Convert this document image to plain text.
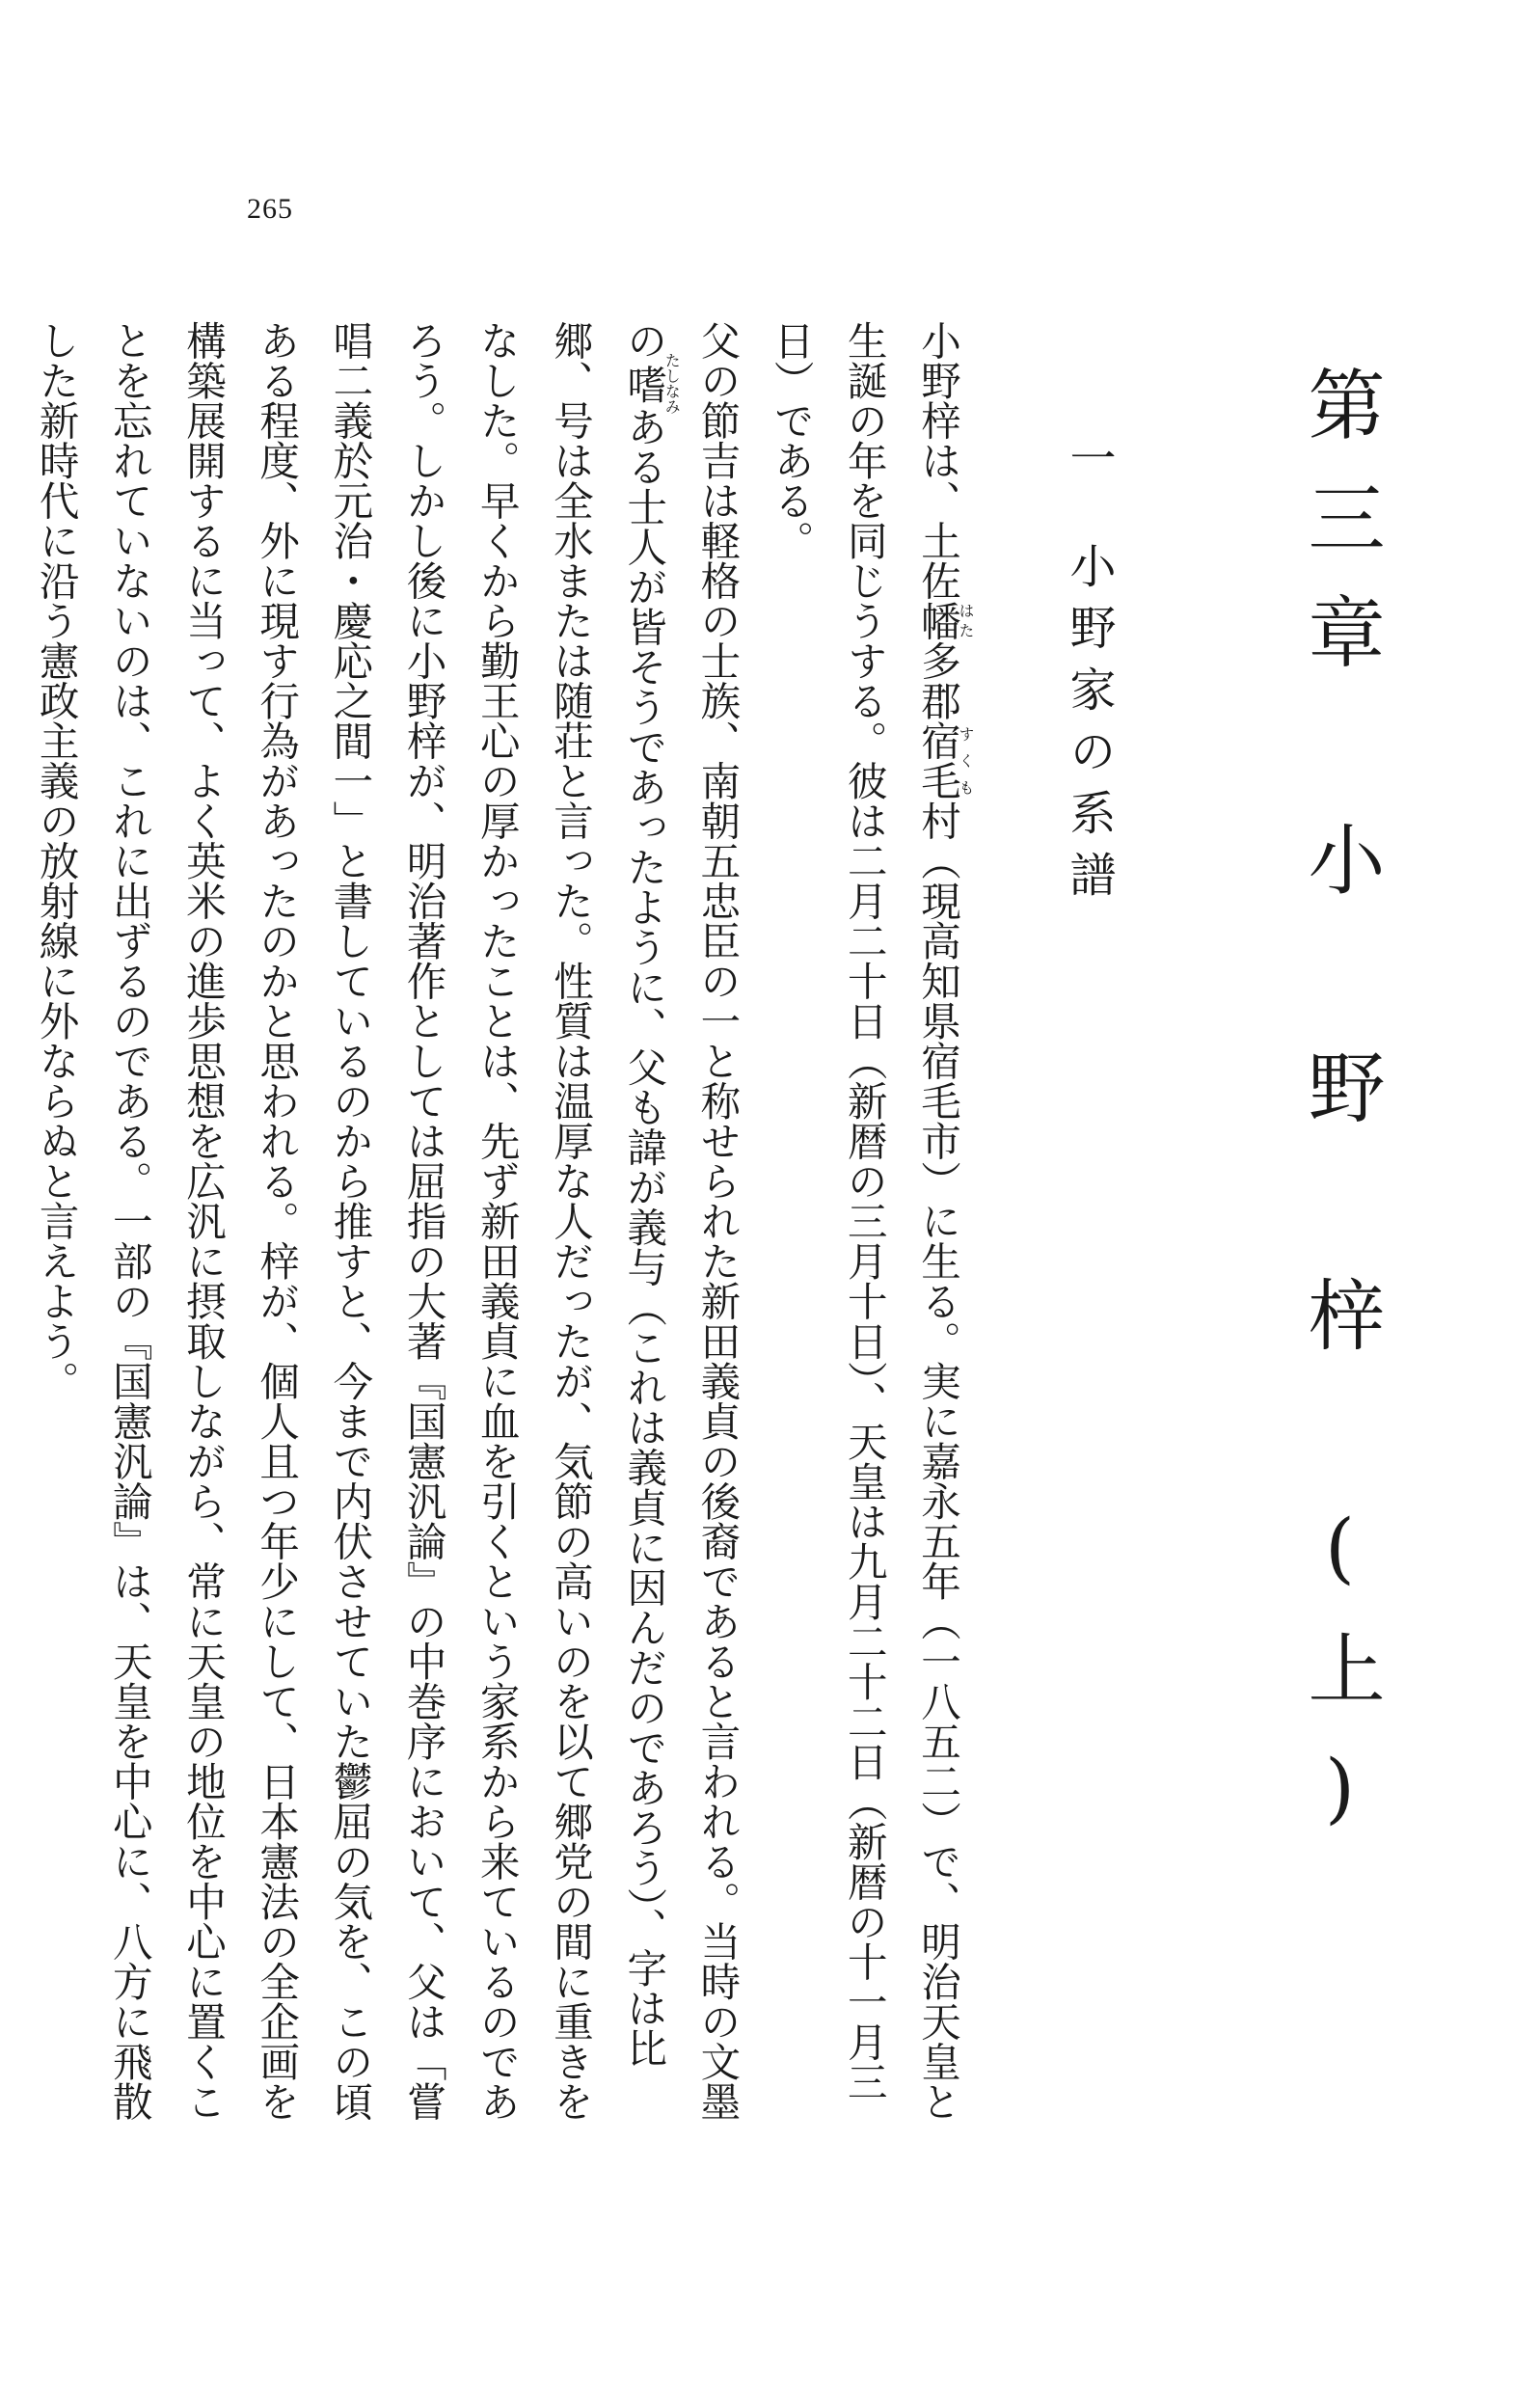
265
第三章　小　野　梓　(上)
一小野家の系譜

小野梓は、土佐幡はた多郡宿毛すくも村（現高知県宿毛市）に生る。実に嘉永五年（一八五二）で、明治天皇と生誕の年を同じうする。彼は二月二十日（新暦の三月十日）、天皇は九月二十二日（新暦の十一月三日）である。

父の節吉は軽格の士族、南朝五忠臣の一と称せられた新田義貞の後裔であると言われる。当時の文墨の嗜たしなみある士人が皆そうであったように、父も諱が義与（これは義貞に因んだのであろう）、字は比郷、号は全水または随荘と言った。性質は温厚な人だったが、気節の高いのを以て郷党の間に重きをなした。早くから勤王心の厚かったことは、先ず新田義貞に血を引くという家系から来ているのであろう。しかし後に小野梓が、明治著作としては屈指の大著『国憲汎論』の中巻序において、父は「嘗唱二義於元治・慶応之間一」と書しているのから推すと、今まで内伏させていた鬱屈の気を、この頃ある程度、外に現す行為があったのかと思われる。梓が、個人且つ年少にして、日本憲法の全企画を構築展開するに当って、よく英米の進歩思想を広汎に摂取しながら、常に天皇の地位を中心に置くことを忘れていないのは、これに出ずるのである。一部の『国憲汎論』は、天皇を中心に、八方に飛散した新時代に沿う憲政主義の放射線に外ならぬと言えよう。
